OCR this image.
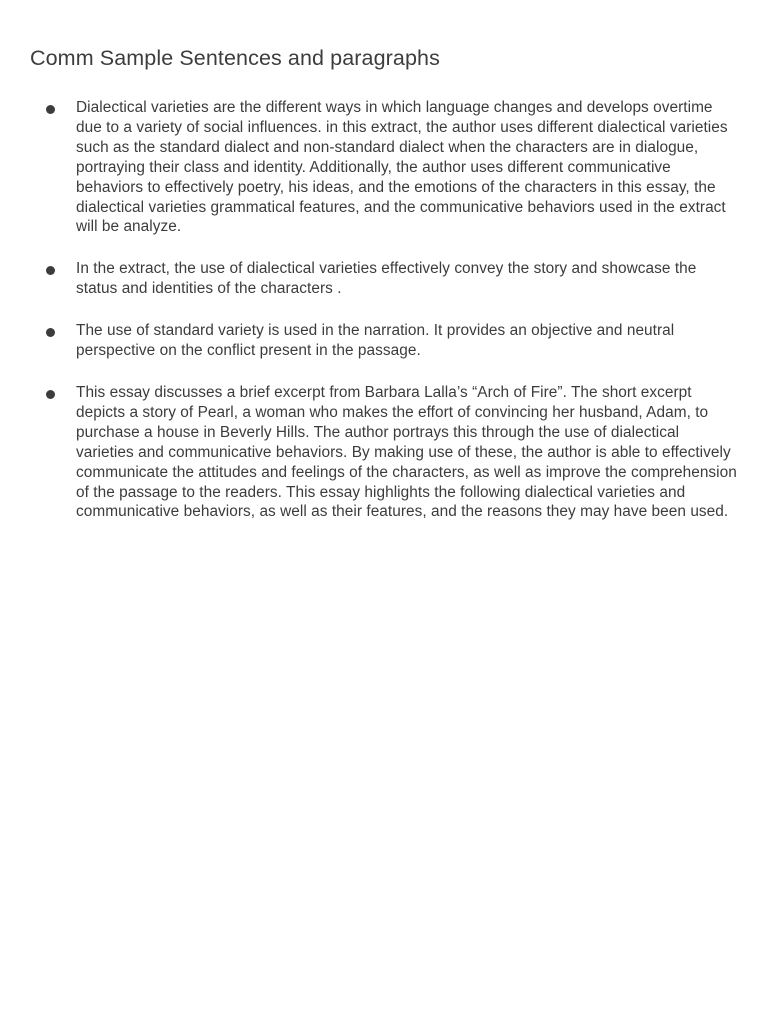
Comm Sample Sentences and paragraphs
Dialectical varieties are the different ways in which language changes and develops overtime due to a variety of social influences. in this extract, the author uses different dialectical varieties such as the standard dialect and non-standard dialect when the characters are in dialogue, portraying their class and identity. Additionally, the author uses different communicative behaviors to effectively poetry, his ideas, and the emotions of the characters in this essay, the dialectical varieties grammatical features, and the communicative behaviors used in the extract will be analyze.
In the extract, the use of dialectical varieties effectively convey the story and showcase the status and identities of the characters .
The use of standard variety is used in the narration. It provides an objective and neutral perspective on the conflict present in the passage.
This essay discusses a brief excerpt from Barbara Lalla’s “Arch of Fire”. The short excerpt depicts a story of Pearl, a woman who makes the effort of convincing her husband, Adam, to purchase a house in Beverly Hills. The author portrays this through the use of dialectical varieties and communicative behaviors. By making use of these, the author is able to effectively communicate the attitudes and feelings of the characters, as well as improve the comprehension of the passage to the readers. This essay highlights the following dialectical varieties and communicative behaviors, as well as their features, and the reasons they may have been used.
